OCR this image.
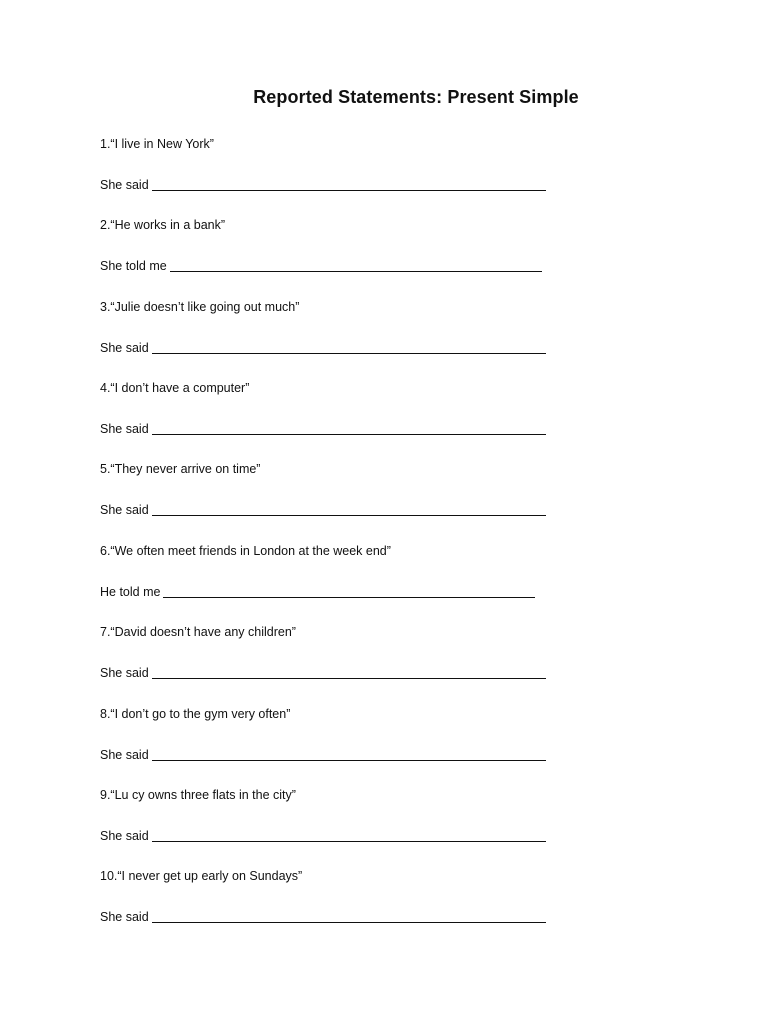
Reported Statements: Present Simple
1.“I live in New York”
She said
2.“He works in a bank”
She told me
3.“Julie doesn’t like going out much”
She said
4.“I don’t have a computer”
She said
5.“They never arrive on time”
She said
6.“We often meet friends in London at the week end”
He told me
7.“David doesn’t have any children”
She said
8.“I don’t go to the gym very often”
She said
9.“Lu cy owns three flats in the city”
She said
10.“I never get up early on Sundays”
She said
